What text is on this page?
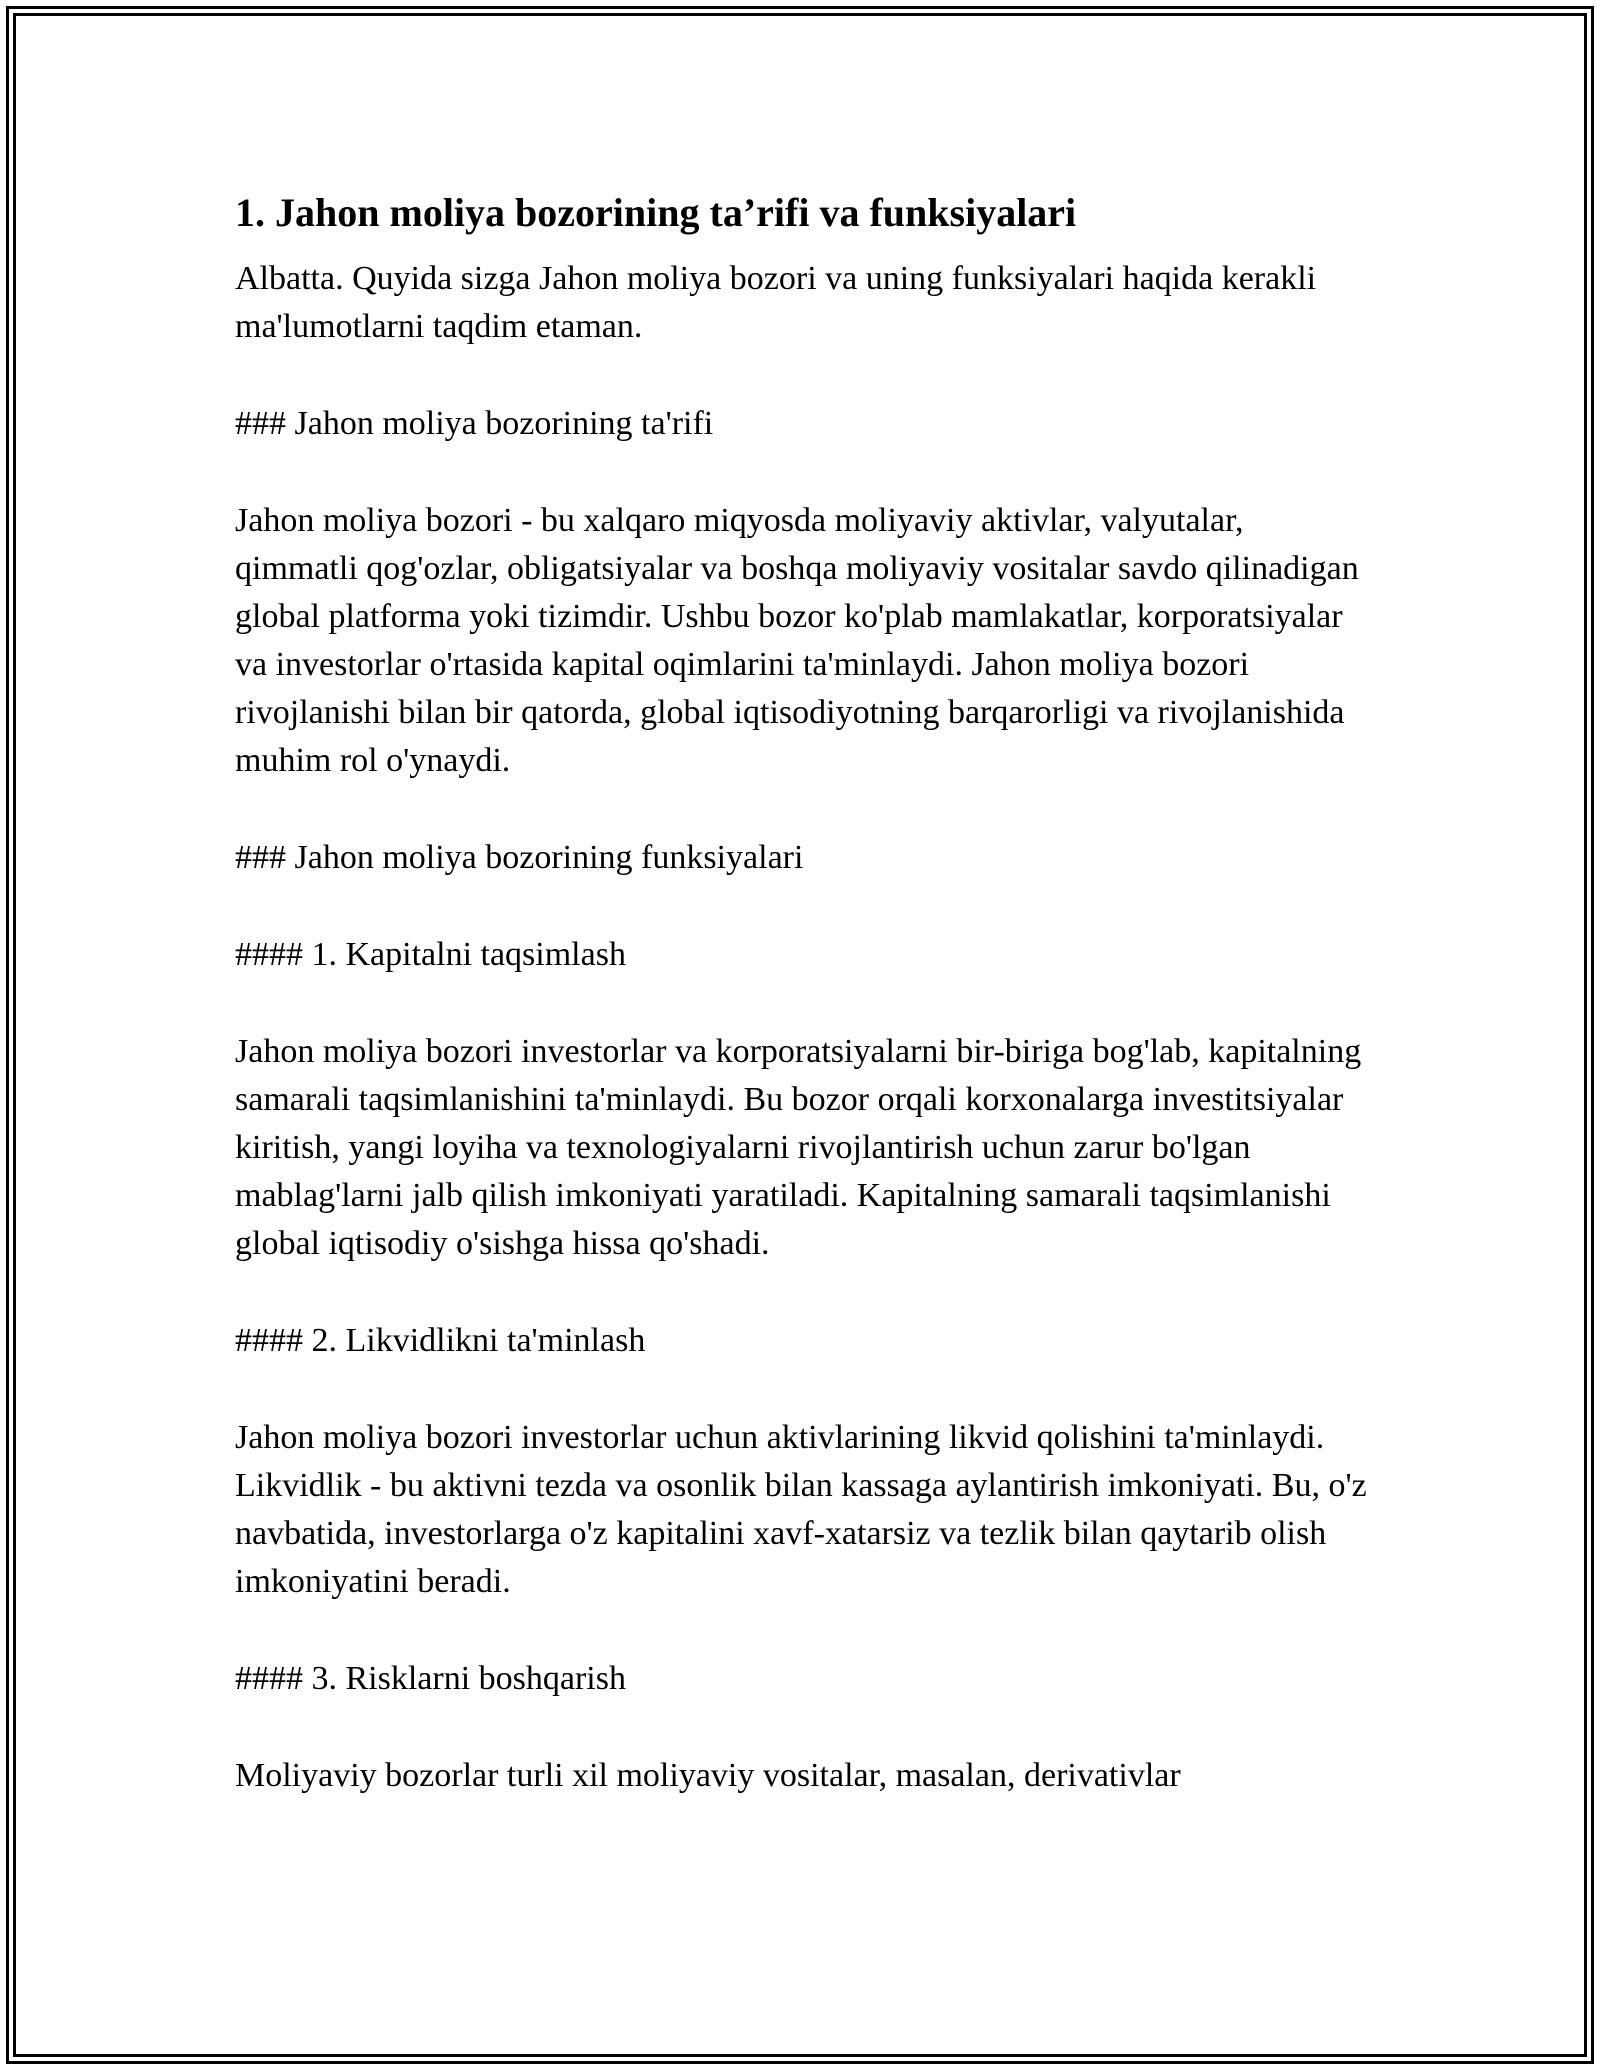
1. Jahon moliya bozorining ta’rifi va funksiyalari

Albatta. Quyida sizga Jahon moliya bozori va uning funksiyalari haqida kerakli ma'lumotlarni taqdim etaman.

### Jahon moliya bozorining ta'rifi

Jahon moliya bozori - bu xalqaro miqyosda moliyaviy aktivlar, valyutalar, qimmatli qog'ozlar, obligatsiyalar va boshqa moliyaviy vositalar savdo qilinadigan global platforma yoki tizimdir. Ushbu bozor ko'plab mamlakatlar, korporatsiyalar va investorlar o'rtasida kapital oqimlarini ta'minlaydi. Jahon moliya bozori rivojlanishi bilan bir qatorda, global iqtisodiyotning barqarorligi va rivojlanishida muhim rol o'ynaydi.

### Jahon moliya bozorining funksiyalari

#### 1. Kapitalni taqsimlash

Jahon moliya bozori investorlar va korporatsiyalarni bir-biriga bog'lab, kapitalning samarali taqsimlanishini ta'minlaydi. Bu bozor orqali korxonalarga investitsiyalar kiritish, yangi loyiha va texnologiyalarni rivojlantirish uchun zarur bo'lgan mablag'larni jalb qilish imkoniyati yaratiladi. Kapitalning samarali taqsimlanishi global iqtisodiy o'sishga hissa qo'shadi.

#### 2. Likvidlikni ta'minlash

Jahon moliya bozori investorlar uchun aktivlarining likvid qolishini ta'minlaydi. Likvidlik - bu aktivni tezda va osonlik bilan kassaga aylantirish imkoniyati. Bu, o'z navbatida, investorlarga o'z kapitalini xavf-xatarsiz va tezlik bilan qaytarib olish imkoniyatini beradi.

#### 3. Risklarni boshqarish

Moliyaviy bozorlar turli xil moliyaviy vositalar, masalan, derivativlar
